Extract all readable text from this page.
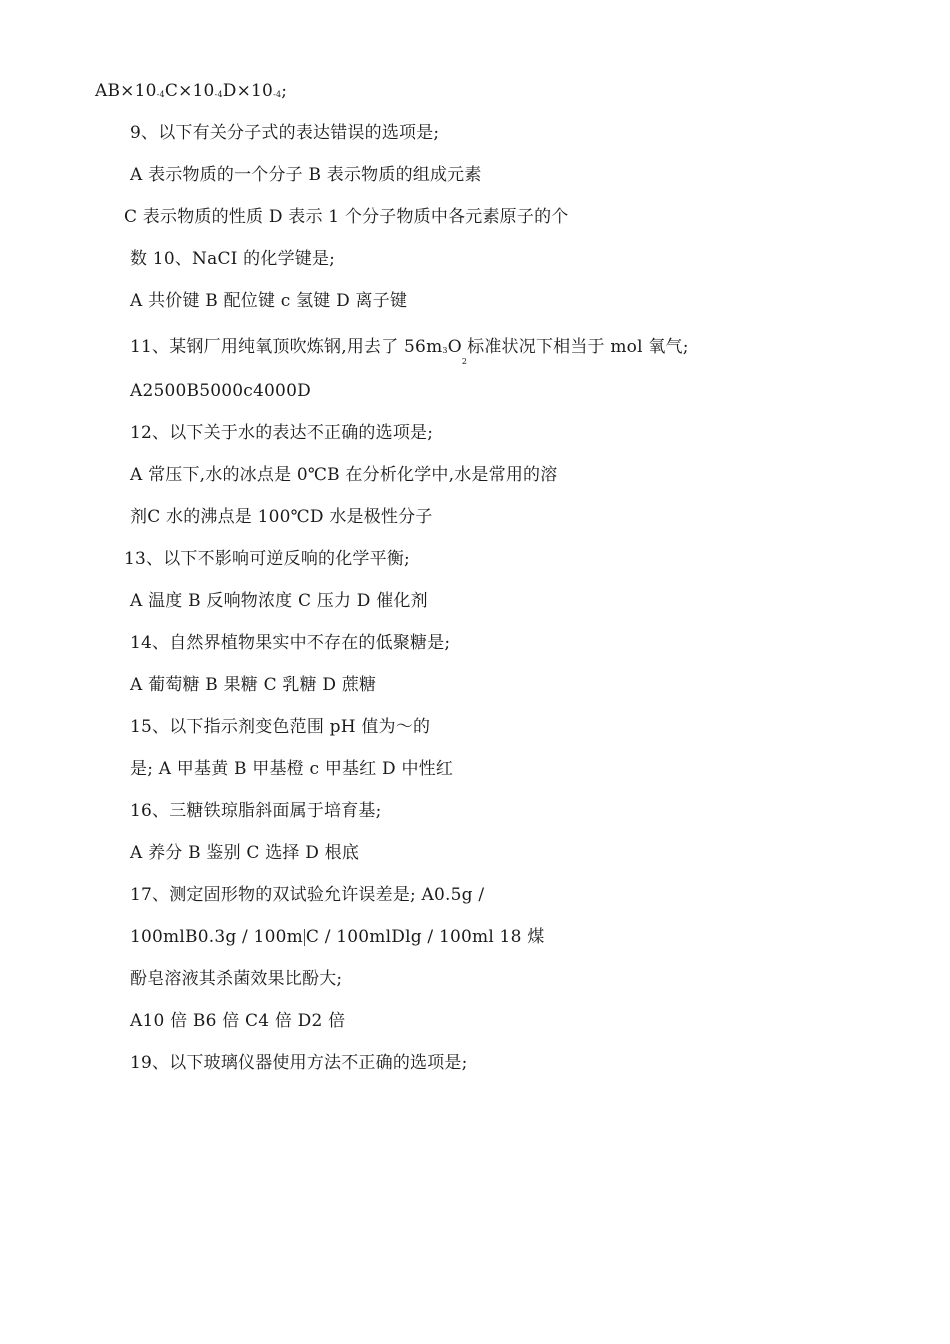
$AB\times 10^{-4}C\times 10^{-4}D\times 10^{-4}$;
9、以下有关分子式的表达错误的选项是;
A 表示物质的一个分子 B 表示物质的组成元素
C 表示物质的性质 D 表示 1 个分子物质中各元素原子的个
数 10、NaCI 的化学键是;
A 共价键 B 配位键 c 氢键 D 离子键
11、某钢厂用纯氧顶吹炼钢,用去了 $56m^3O_2$标准状况下相当于 mol 氧气;
A2500B5000c4000D
12、以下关于水的表达不正确的选项是;
A 常压下,水的冰点是 0℃B 在分析化学中,水是常用的溶
剂C 水的沸点是 100℃D 水是极性分子
13、以下不影响可逆反响的化学平衡;
A 温度 B 反响物浓度 C 压力 D 催化剂
14、自然界植物果实中不存在的低聚糖是;
A 葡萄糖 B 果糖 C 乳糖 D 蔗糖
15、以下指示剂变色范围 pH 值为～的
是; A 甲基黄 B 甲基橙 c 甲基红 D 中性红
16、三糖铁琼脂斜面属于培育基;
A 养分 B 鉴别 C 选择 D 根底
17、测定固形物的双试验允许误差是; A0.5g /
100mlB0.3g / 100m C / 100mlDlg / 100ml 18 煤
酚皂溶液其杀菌效果比酚大;
A10 倍 B6 倍 C4 倍 D2 倍
19、以下玻璃仪器使用方法不正确的选项是;
